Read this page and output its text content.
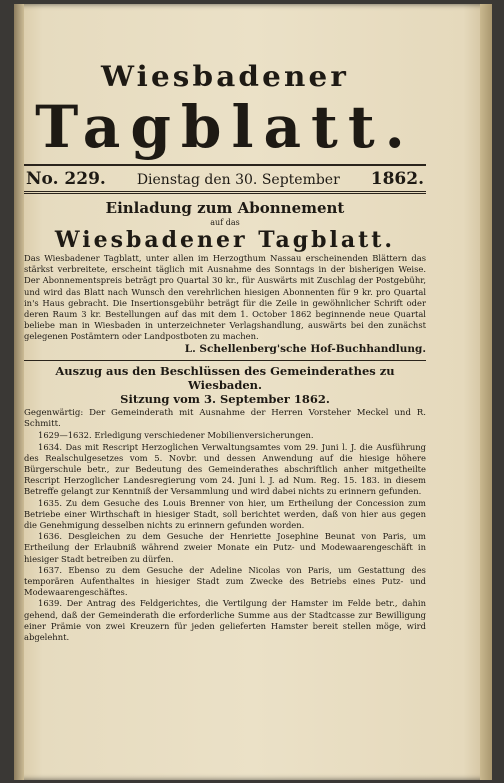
Wiesbadener
Tagblatt.
No. 229. Dienstag den 30. September 1862.
Einladung zum Abonnement
auf das
Wiesbadener Tagblatt.

Das Wiesbadener Tagblatt, unter allen im Herzogthum Nassau erscheinenden Blättern das stärkst verbreitete, erscheint täglich mit Ausnahme des Sonntags in der bisherigen Weise. Der Abonnementspreis beträgt pro Quartal 30 kr., für Auswärts mit Zuschlag der Postgebühr, und wird das Blatt nach Wunsch den verehrlichen hiesigen Abonnenten für 9 kr. pro Quartal in's Haus gebracht. Die Insertionsgebühr beträgt für die Zeile in gewöhnlicher Schrift oder deren Raum 3 kr. Bestellungen auf das mit dem 1. October 1862 beginnende neue Quartal beliebe man in Wiesbaden in unterzeichneter Verlagshandlung, auswärts bei den zunächst gelegenen Postämtern oder Landpostboten zu machen.

L. Schellenberg'sche Hof-Buchhandlung.
Auszug aus den Beschlüssen des Gemeinderathes zu Wiesbaden.
Sitzung vom 3. September 1862.

Gegenwärtig: Der Gemeinderath mit Ausnahme der Herren Vorsteher Meckel und R. Schmitt.

1629—1632. Erledigung verschiedener Mobilienversicherungen.

1634. Das mit Rescript Herzoglichen Verwaltungsamtes vom 29. Juni l. J. die Ausführung des Realschulgesetzes vom 5. Novbr. und dessen Anwendung auf die hiesige höhere Bürgerschule betr., zur Bedeutung des Gemeinderathes abschriftlich anher mitgetheilte Rescript Herzoglicher Landesregierung vom 24. Juni l. J. ad Num. Reg. 15. 183. in diesem Betreffe gelangt zur Kenntniß der Versammlung und wird dabei nichts zu erinnern gefunden.

1635. Zu dem Gesuche des Louis Brenner von hier, um Ertheilung der Concession zum Betriebe einer Wirthschaft in hiesiger Stadt, soll berichtet werden, daß von hier aus gegen die Genehmigung desselben nichts zu erinnern gefunden worden.

1636. Desgleichen zu dem Gesuche der Henriette Josephine Beunat von Paris, um Ertheilung der Erlaubniß während zweier Monate ein Putz- und Modewaarengeschäft in hiesiger Stadt betreiben zu dürfen.

1637. Ebenso zu dem Gesuche der Adeline Nicolas von Paris, um Gestattung des temporären Aufenthaltes in hiesiger Stadt zum Zwecke des Betriebs eines Putz- und Modewaarengeschäftes.

1639. Der Antrag des Feldgerichtes, die Vertilgung der Hamster im Felde betr., dahin gehend, daß der Gemeinderath die erforderliche Summe aus der Stadtcasse zur Bewilligung einer Prämie von zwei Kreuzern für jeden gelieferten Hamster bereit stellen möge, wird abgelehnt.
